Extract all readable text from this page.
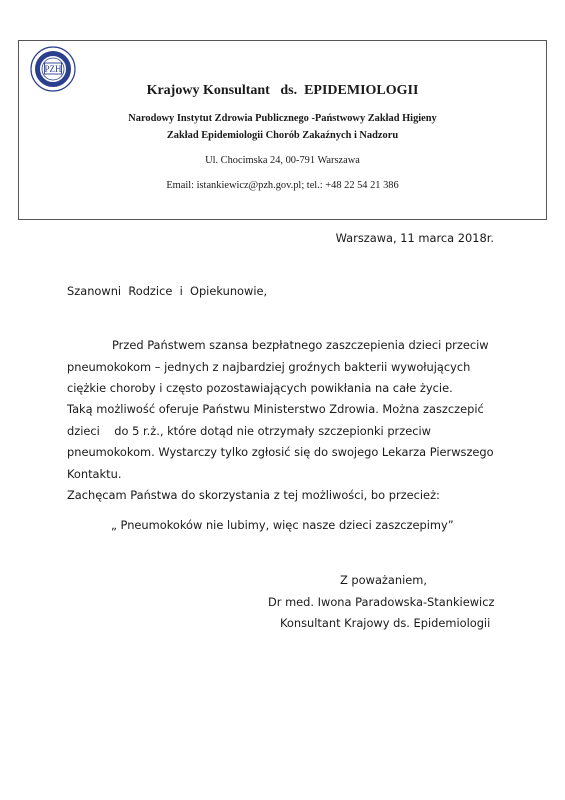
PZH
Krajowy Konsultant   ds.  EPIDEMIOLOGII
Narodowy Instytut Zdrowia Publicznego -Państwowy Zakład Higieny
Zakład Epidemiologii Chorób Zakaźnych i Nadzoru
Ul. Chocimska 24, 00-791 Warszawa
Email: istankiewicz@pzh.gov.pl; tel.: +48 22 54 21 386
Warszawa, 11 marca 2018r.
Szanowni  Rodzice  i  Opiekunowie,
Przed Państwem szansa bezpłatnego zaszczepienia dzieci przeciw
pneumokokom – jednych z najbardziej groźnych bakterii wywołujących
ciężkie choroby i często pozostawiających powikłania na całe życie.
Taką możliwość oferuje Państwu Ministerstwo Zdrowia. Można zaszczepić
dzieci    do 5 r.ż., które dotąd nie otrzymały szczepionki przeciw
pneumokokom. Wystarczy tylko zgłosić się do swojego Lekarza Pierwszego
Kontaktu.
Zachęcam Państwa do skorzystania z tej możliwości, bo przecież:
„ Pneumokoków nie lubimy, więc nasze dzieci zaszczepimy”
Z poważaniem,
Dr med. Iwona Paradowska-Stankiewicz
Konsultant Krajowy ds. Epidemiologii
